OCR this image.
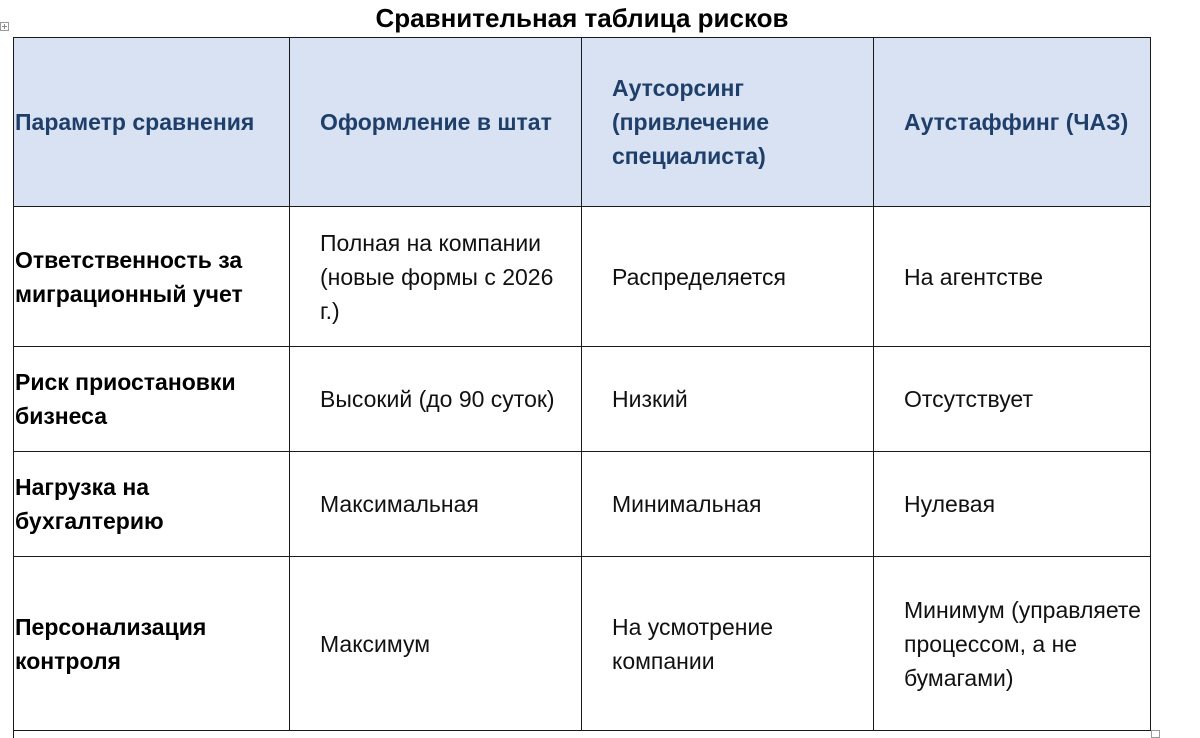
Сравнительная таблица рисков
Параметр сравнения	Оформление в штат	Аутсорсинг (привлечение специалиста)	Аутстаффинг (ЧАЗ)
Ответственность за миграционный учет	Полная на компании (новые формы с 2026 г.)	Распределяется	На агентстве
Риск приостановки бизнеса	Высокий (до 90 суток)	Низкий	Отсутствует
Нагрузка на бухгалтерию	Максимальная	Минимальная	Нулевая
Персонализация контроля	Максимум	На усмотрение компании	Минимум (управляете процессом, а не бумагами)
